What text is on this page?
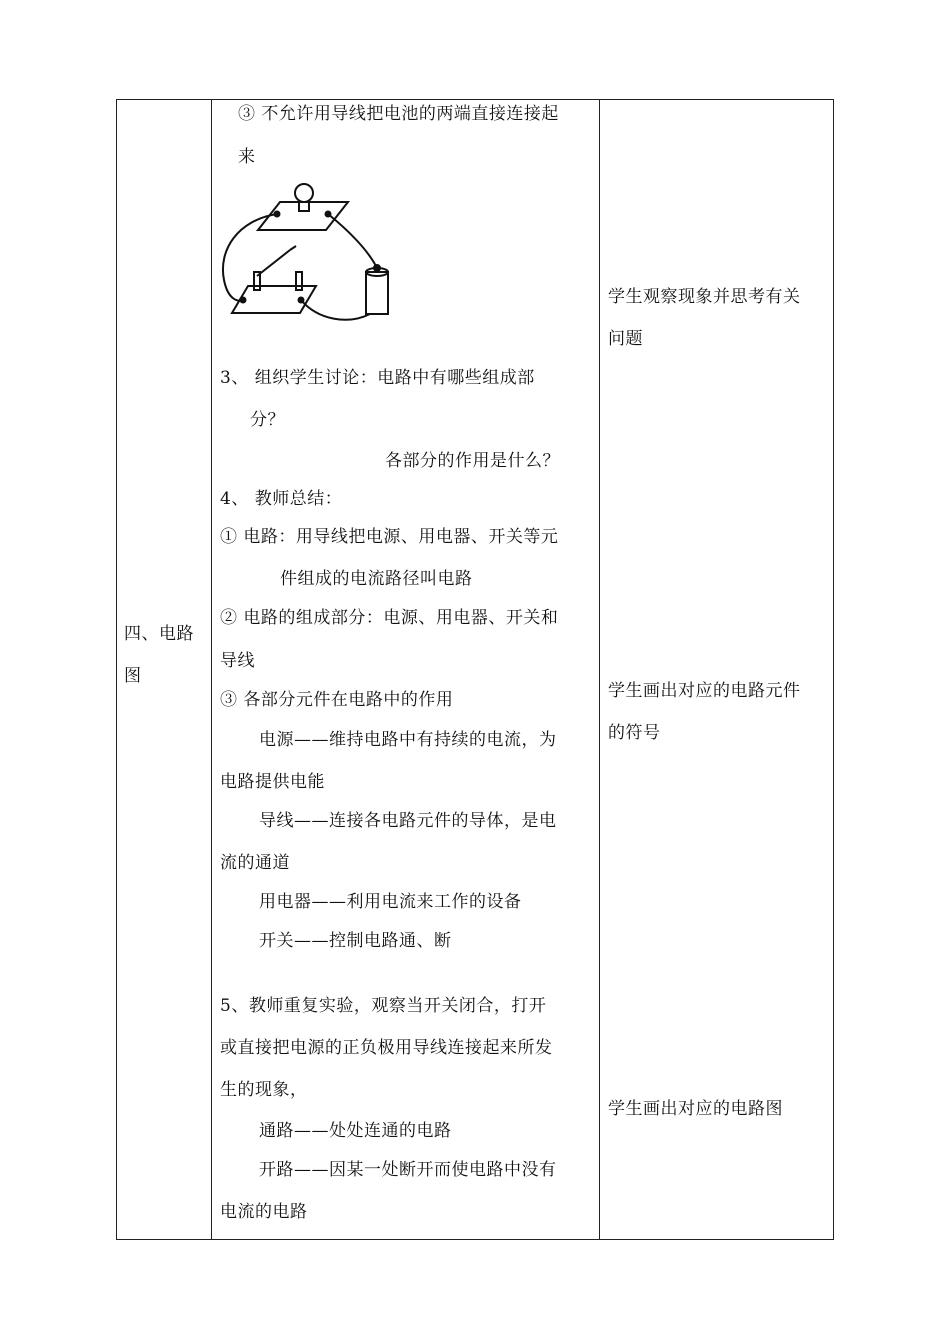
四、电路
图
③ 不允许用导线把电池的两端直接连接起
来
3、 组织学生讨论：电路中有哪些组成部
分？
各部分的作用是什么？
4、 教师总结：
① 电路：用导线把电源、用电器、开关等元
件组成的电流路径叫电路
② 电路的组成部分：电源、用电器、开关和
导线
③ 各部分元件在电路中的作用
电源——维持电路中有持续的电流，为
电路提供电能
导线——连接各电路元件的导体，是电
流的通道
用电器——利用电流来工作的设备
开关——控制电路通、断
5、教师重复实验，观察当开关闭合，打开
或直接把电源的正负极用导线连接起来所发
生的现象，
通路——处处连通的电路
开路——因某一处断开而使电路中没有
电流的电路
学生观察现象并思考有关
问题
学生画出对应的电路元件
的符号
学生画出对应的电路图
